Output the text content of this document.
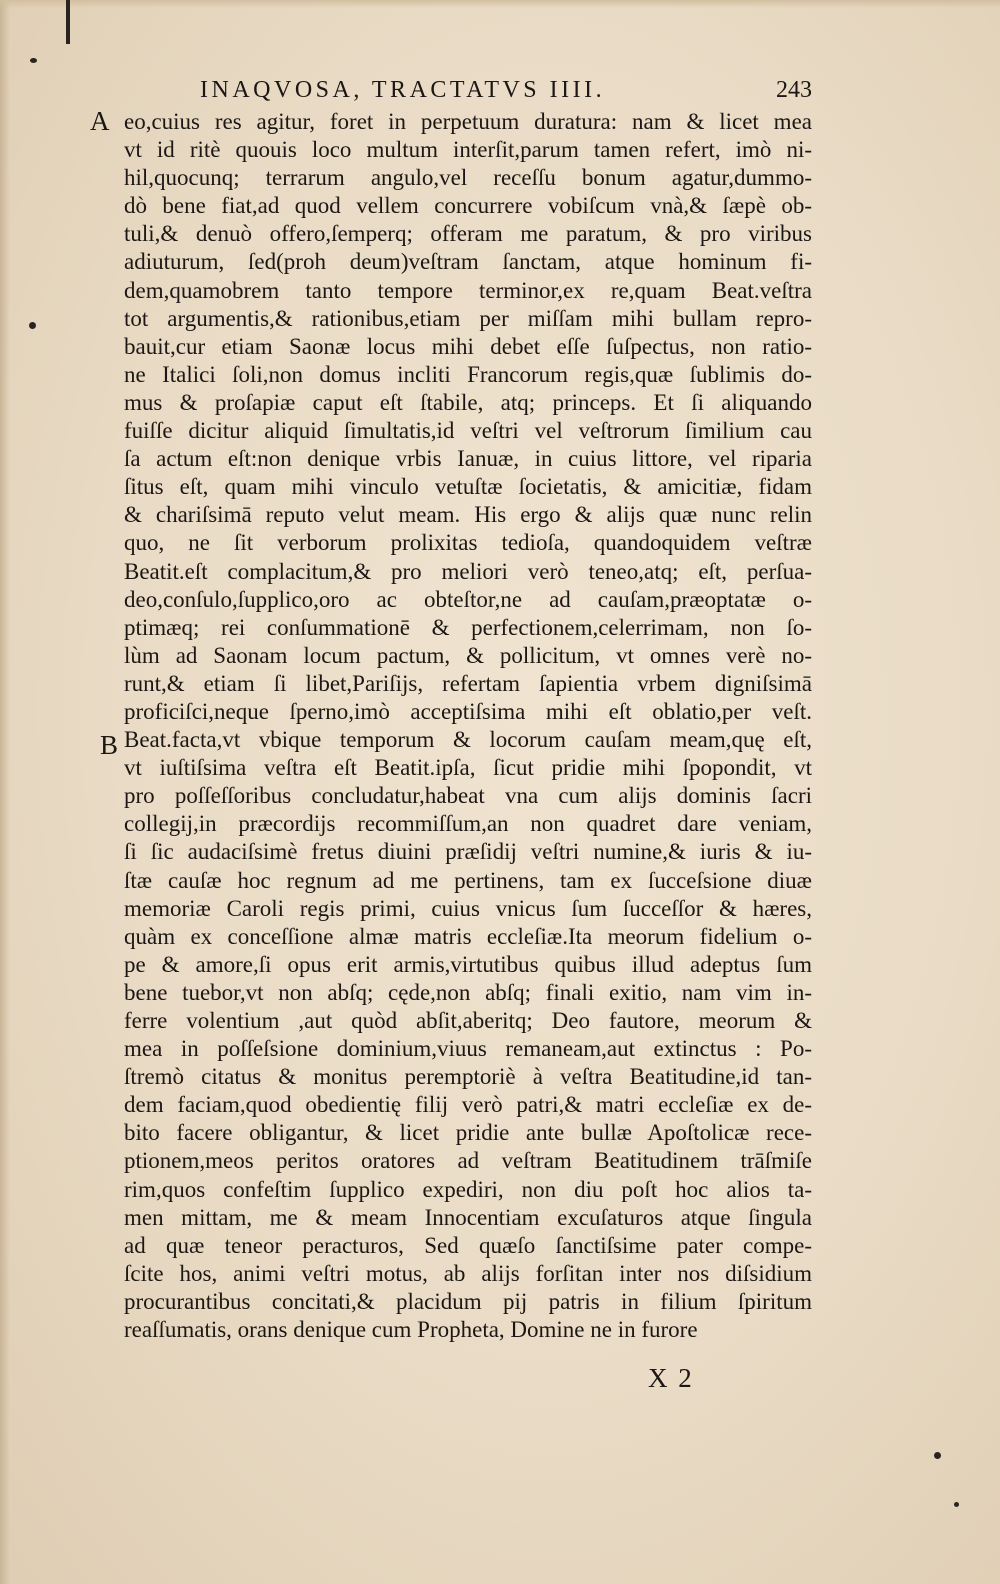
INAQVOSA, TRACTATVS IIII.	243
A
B
eo,cuius res agitur, foret in perpetuum duratura: nam & licet mea
vt id ritè quouis loco multum interſit,parum tamen refert, imò ni-
hil,quocunq; terrarum angulo,vel receſſu bonum agatur,dummo-
dò bene fiat,ad quod vellem concurrere vobiſcum vnà,& ſæpè ob-
tuli,& denuò offero,ſemperq; offeram me paratum, & pro viribus
adiuturum, ſed(proh deum)veſtram ſanctam, atque hominum fi-
dem,quamobrem tanto tempore terminor,ex re,quam Beat.veſtra
tot argumentis,& rationibus,etiam per miſſam mihi bullam repro-
bauit,cur etiam Saonæ locus mihi debet eſſe ſuſpectus, non ratio-
ne Italici ſoli,non domus incliti Francorum regis,quæ ſublimis do-
mus & proſapiæ caput eſt ſtabile, atq; princeps. Et ſi aliquando
fuiſſe dicitur aliquid ſimultatis,id veſtri vel veſtrorum ſimilium cau
ſa actum eſt:non denique vrbis Ianuæ, in cuius littore, vel riparia
ſitus eſt, quam mihi vinculo vetuſtæ ſocietatis, & amicitiæ, fidam
& chariſsimā reputo velut meam. His ergo & alijs quæ nunc relin
quo, ne ſit verborum prolixitas tedioſa, quandoquidem veſtræ
Beatit.eſt complacitum,& pro meliori verò teneo,atq; eſt, perſua-
deo,conſulo,ſupplico,oro ac obteſtor,ne ad cauſam,præoptatæ o-
ptimæq; rei conſummationē & perfectionem,celerrimam, non ſo-
lùm ad Saonam locum pactum, & pollicitum, vt omnes verè no-
runt,& etiam ſi libet,Pariſijs, refertam ſapientia vrbem digniſsimā
proficiſci,neque ſperno,imò acceptiſsima mihi eſt oblatio,per veſt.
Beat.facta,vt vbique temporum & locorum cauſam meam,quę eſt,
vt iuſtiſsima veſtra eſt Beatit.ipſa, ſicut pridie mihi ſpopondit, vt
pro poſſeſſoribus concludatur,habeat vna cum alijs dominis ſacri
collegij,in præcordijs recommiſſum,an non quadret dare veniam,
ſi ſic audaciſsimè fretus diuini præſidij veſtri numine,& iuris & iu-
ſtæ cauſæ hoc regnum ad me pertinens, tam ex ſucceſsione diuæ
memoriæ Caroli regis primi, cuius vnicus ſum ſucceſſor & hæres,
quàm ex conceſſione almæ matris eccleſiæ.Ita meorum fidelium o-
pe & amore,ſi opus erit armis,virtutibus quibus illud adeptus ſum
bene tuebor,vt non abſq; cęde,non abſq; finali exitio, nam vim in-
ferre volentium ,aut quòd abſit,aberitq; Deo fautore, meorum &
mea in poſſeſsione dominium,viuus remaneam,aut extinctus : Po-
ſtremò citatus & monitus peremptoriè à veſtra Beatitudine,id tan-
dem faciam,quod obedientię filij verò patri,& matri eccleſiæ ex de-
bito facere obligantur, & licet pridie ante bullæ Apoſtolicæ rece-
ptionem,meos peritos oratores ad veſtram Beatitudinem trāſmiſe
rim,quos confeſtim ſupplico expediri, non diu poſt hoc alios ta-
men mittam, me & meam Innocentiam excuſaturos atque ſingula
ad quæ teneor peracturos, Sed quæſo ſanctiſsime pater compe-
ſcite hos, animi veſtri motus, ab alijs forſitan inter nos diſsidium
procurantibus concitati,& placidum pij patris in filium ſpiritum
reaſſumatis, orans denique cum Propheta, Domine ne in furore
X 2
